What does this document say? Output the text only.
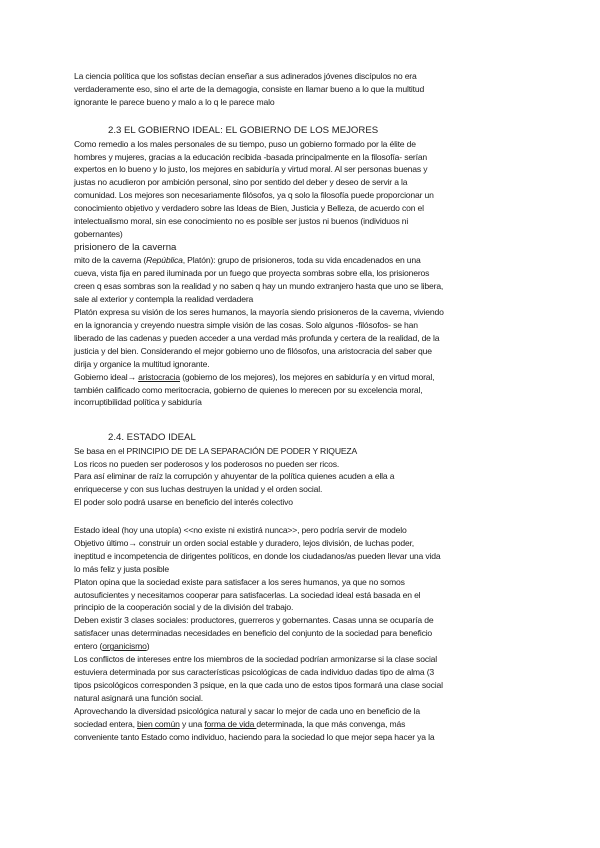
La ciencia política que los sofistas decían enseñar a sus adinerados jóvenes discípulos no era
verdaderamente eso, sino el arte de la demagogia, consiste en llamar bueno a lo que la multitud
ignorante le parece bueno y malo a lo q le parece malo
2.3 EL GOBIERNO IDEAL: EL GOBIERNO DE LOS MEJORES
Como remedio a los males personales de su tiempo, puso un gobierno formado por la élite de
hombres y mujeres, gracias a la educación recibida -basada principalmente en la filosofía- serían
expertos en lo bueno y lo justo, los mejores en sabiduría y virtud moral. Al ser personas buenas y
justas no acudieron por ambición personal, sino por sentido del deber y deseo de servir a la
comunidad. Los mejores son necesariamente filósofos, ya q solo la filosofía puede proporcionar un
conocimiento objetivo y verdadero sobre las Ideas de Bien, Justicia y Belleza, de acuerdo con el
intelectualismo moral, sin ese conocimiento no es posible ser justos ni buenos (individuos ni
gobernantes)
prisionero de la caverna
mito de la caverna (República, Platón): grupo de prisioneros, toda su vida encadenados en una
cueva, vista fija en pared iluminada por un fuego que proyecta sombras sobre ella, los prisioneros
creen q esas sombras son la realidad y no saben q hay un mundo extranjero hasta que uno se libera,
sale al exterior y contempla la realidad verdadera
Platón expresa su visión de los seres humanos, la mayoría siendo prisioneros de la caverna, viviendo
en la ignorancia y creyendo nuestra simple visión de las cosas. Solo algunos -filósofos- se han
liberado de las cadenas y pueden acceder a una verdad más profunda y certera de la realidad, de la
justicia y del bien. Considerando el mejor gobierno uno de filósofos, una aristocracia del saber que
dirija y organice la multitud ignorante.
Gobierno ideal→ aristocracia (gobierno de los mejores), los mejores en sabiduría y en virtud moral,
también calificado como meritocracia, gobierno de quienes lo merecen por su excelencia moral,
incorruptibilidad política y sabiduría
2.4. ESTADO IDEAL
Se basa en el PRINCIPIO DE DE LA SEPARACIÓN DE PODER Y RIQUEZA
Los ricos no pueden ser poderosos y los poderosos no pueden ser ricos.
Para así eliminar de raíz la corrupción y ahuyentar de la política quienes acuden a ella a
enriquecerse y con sus luchas destruyen la unidad y el orden social.
El poder solo podrá usarse en beneficio del interés colectivo
Estado ideal (hoy una utopía) <<no existe ni existirá nunca>>, pero podría servir de modelo
Objetivo último→ construir un orden social estable y duradero, lejos división, de luchas poder,
ineptitud e incompetencia de dirigentes políticos, en donde los ciudadanos/as pueden llevar una vida
lo más feliz y justa posible
Platon opina que la sociedad existe para satisfacer a los seres humanos, ya que no somos
autosuficientes y necesitamos cooperar para satisfacerlas. La sociedad ideal está basada en el
principio de la cooperación social y de la división del trabajo.
Deben existir 3 clases sociales: productores, guerreros y gobernantes. Casas unna se ocuparía de
satisfacer unas determinadas necesidades en beneficio del conjunto de la sociedad para beneficio
entero (organicismo)
Los conflictos de intereses entre los miembros de la sociedad podrían armonizarse si la clase social
estuviera determinada por sus características psicológicas de cada individuo dadas tipo de alma (3
tipos psicológicos corresponden 3 psique, en la que cada uno de estos tipos formará una clase social
natural asignará una función social.
Aprovechando la diversidad psicológica natural y sacar lo mejor de cada uno en beneficio de la
sociedad entera, bien común y una forma de vida determinada, la que más convenga, más
conveniente tanto Estado como individuo, haciendo para la sociedad lo que mejor sepa hacer ya la
